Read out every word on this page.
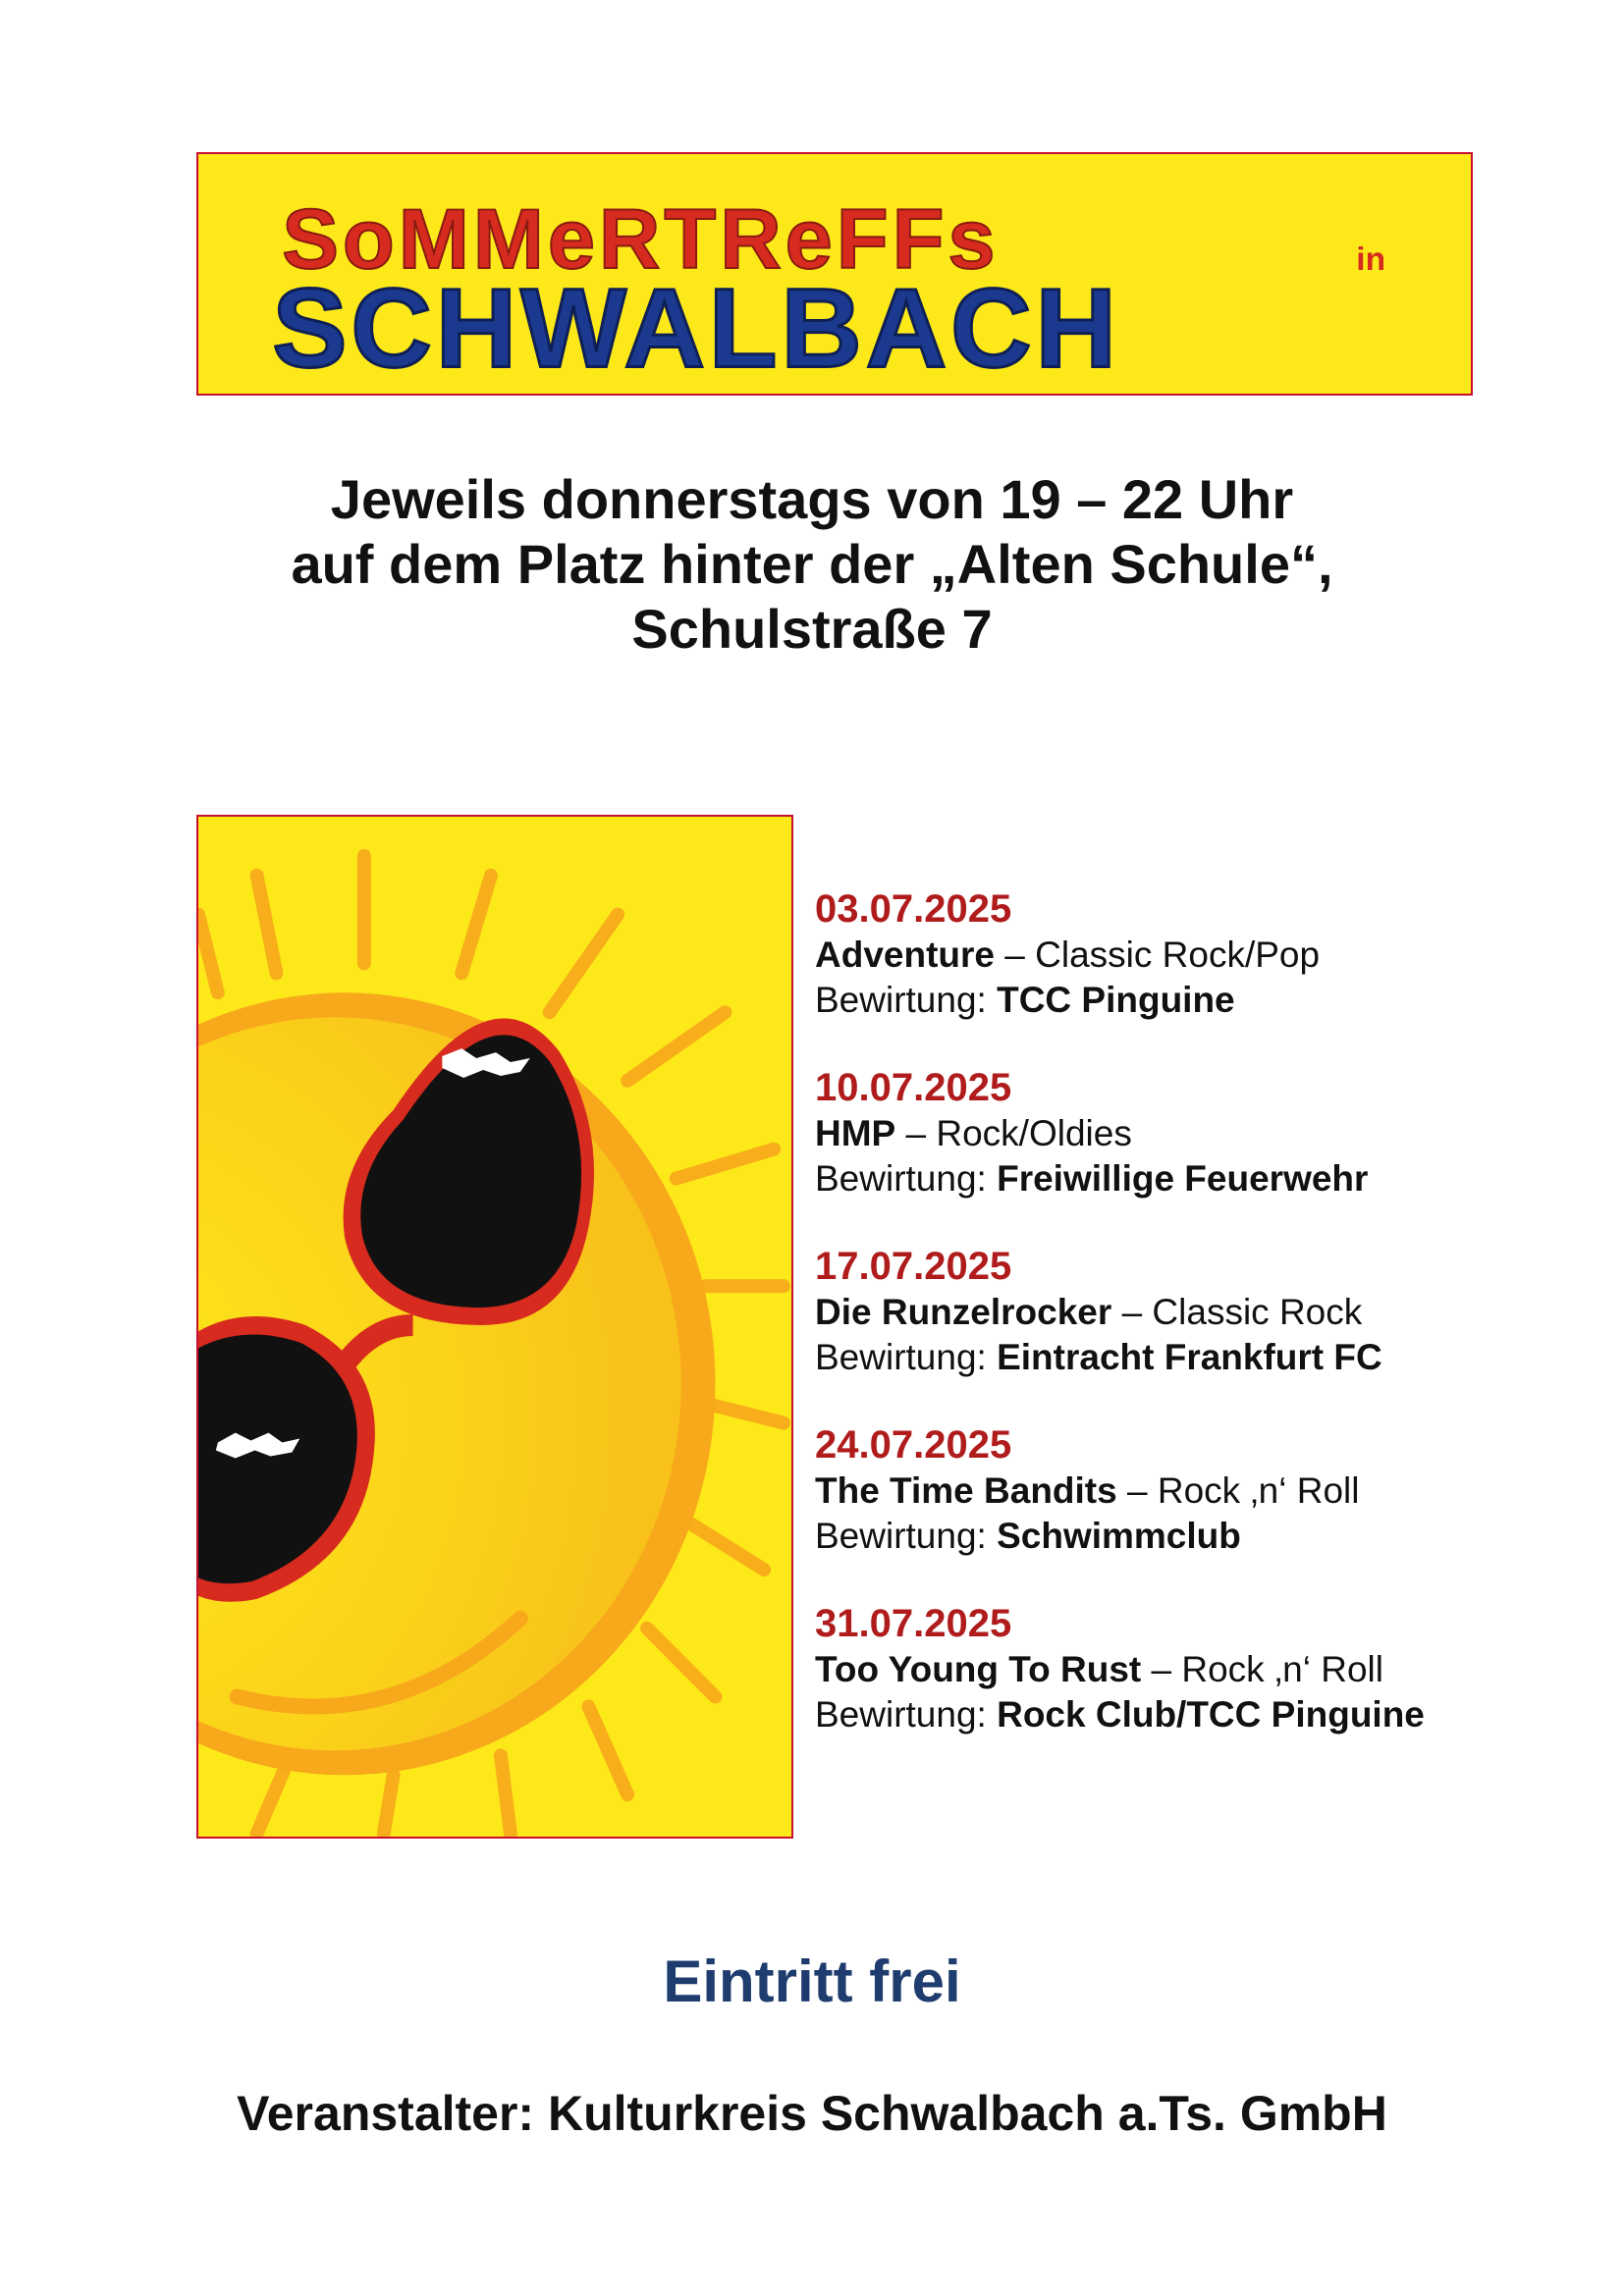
SoMMeRTReFFs	in
SCHWALBACH
Jeweils donnerstags von 19 – 22 Uhr
auf dem Platz hinter der „Alten Schule“,
Schulstraße 7
03.07.2025
Adventure – Classic Rock/Pop
Bewirtung: TCC Pinguine
10.07.2025
HMP – Rock/Oldies
Bewirtung: Freiwillige Feuerwehr
17.07.2025
Die Runzelrocker – Classic Rock
Bewirtung: Eintracht Frankfurt FC
24.07.2025
The Time Bandits – Rock ‚n‘ Roll
Bewirtung: Schwimmclub
31.07.2025
Too Young To Rust – Rock ‚n‘ Roll
Bewirtung: Rock Club/TCC Pinguine
Eintritt frei
Veranstalter: Kulturkreis Schwalbach a.Ts. GmbH
